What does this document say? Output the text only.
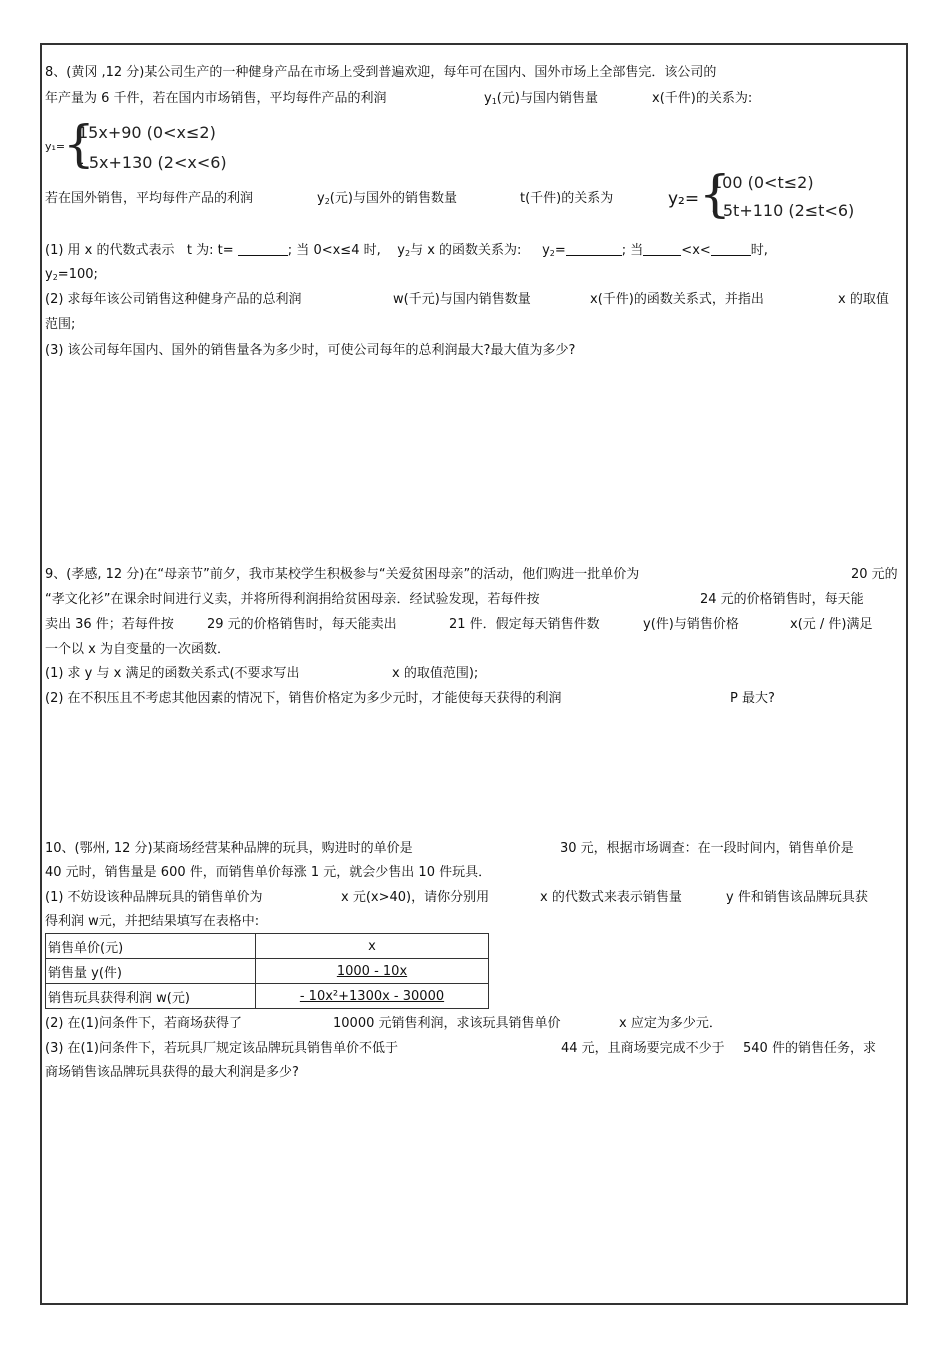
8、(黄冈 ,12 分)某公司生产的一种健身产品在市场上受到普遍欢迎，每年可在国内、国外市场上全部售完．该公司的
年产量为 6 千件，若在国内市场销售，平均每件产品的利润	$y_1$(元)与国内销售量	x(千件)的关系为:
y₁=
{
15x+90 (0<x≤2)
- 5x+130 (2<x<6)
若在国外销售，平均每件产品的利润	$y_2$(元)与国外的销售数量	t(千件)的关系为	y₂= {
100 (0<t≤2)
- 5t+110 (2≤t<6)
(1) 用 x 的代数式表示 t 为: t=	; 当 0<x≤4 时, $y_2$与 x 的函数关系为: $y_2=$	; 当	<x<	时,
$y_2=100$;
(2) 求每年该公司销售这种健身产品的总利润	w(千元)与国内销售数量	x(千件)的函数关系式，并指出	x 的取值
范围;
(3) 该公司每年国内、国外的销售量各为多少时，可使公司每年的总利润最大?最大值为多少?
9、(孝感, 12 分)在“母亲节”前夕，我市某校学生积极参与“关爱贫困母亲”的活动，他们购进一批单价为	20 元的
“孝文化衫”在课余时间进行义卖，并将所得利润捐给贫困母亲．经试验发现，若每件按	24 元的价格销售时，每天能
卖出 36 件；若每件按	29 元的价格销售时，每天能卖出	21 件．假定每天销售件数	y(件)与销售价格	x(元 / 件)满足
一个以 x 为自变量的一次函数．
(1) 求 y 与 x 满足的函数关系式(不要求写出	x 的取值范围);
(2) 在不积压且不考虑其他因素的情况下，销售价格定为多少元时，才能使每天获得的利润	P 最大?
10、(鄂州, 12 分)某商场经营某种品牌的玩具，购进时的单价是	30 元，根据市场调查：在一段时间内，销售单价是
40 元时，销售量是 600 件，而销售单价每涨 1 元，就会少售出 10 件玩具．
(1) 不妨设该种品牌玩具的销售单价为	x 元(x>40)，请你分别用	x 的代数式来表示销售量	y 件和销售该品牌玩具获
得利润 w元，并把结果填写在表格中:
销售单价(元)	x
销售量 y(件)	1000 - 10x
销售玩具获得利润 w(元)	- 10x²+1300x - 30000
(2) 在(1)问条件下，若商场获得了	10000 元销售利润，求该玩具销售单价	x 应定为多少元．
(3) 在(1)问条件下，若玩具厂规定该品牌玩具销售单价不低于	44 元，且商场要完成不少于 540 件的销售任务，求
商场销售该品牌玩具获得的最大利润是多少?
